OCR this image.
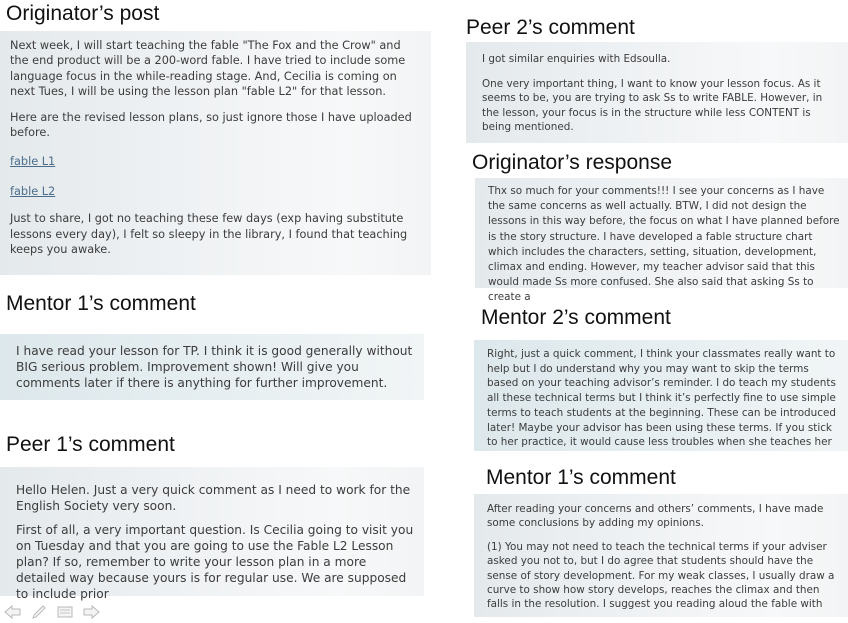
Originator’s post

Next week, I will start teaching the fable "The Fox and the Crow" and the end product will be a 200-word fable. I have tried to include some language focus in the while-reading stage. And, Cecilia is coming on next Tues, I will be using the lesson plan "fable L2" for that lesson.

Here are the revised lesson plans, so just ignore those I have uploaded before.

fable L1

fable L2

Just to share, I got no teaching these few days (exp having substitute lessons every day), I felt so sleepy in the library, I found that teaching keeps you awake.

Mentor 1’s comment

I have read your lesson for TP. I think it is good generally without BIG serious problem. Improvement shown! Will give you comments later if there is anything for further improvement.

Peer 1’s comment

Hello Helen. Just a very quick comment as I need to work for the English Society very soon.

First of all, a very important question. Is Cecilia going to visit you on Tuesday and that you are going to use the Fable L2 Lesson plan? If so, remember to write your lesson plan in a more detailed way because yours is for regular use. We are supposed to include prior

Peer 2’s comment

I got similar enquiries with Edsoulla.

One very important thing, I want to know your lesson focus. As it seems to be, you are trying to ask Ss to write FABLE. However, in the lesson, your focus is in the structure while less CONTENT is being mentioned.

Originator’s response

Thx so much for your comments!!! I see your concerns as I have the same concerns as well actually. BTW, I did not design the lessons in this way before, the focus on what I have planned before is the story structure. I have developed a fable structure chart which includes the characters, setting, situation, development, climax and ending. However, my teacher advisor said that this would made Ss more confused. She also said that asking Ss to create a

Mentor 2’s comment

Right, just a quick comment, I think your classmates really want to help but I do understand why you may want to skip the terms based on your teaching advisor’s reminder. I do teach my students all these technical terms but I think it’s perfectly fine to use simple terms to teach students at the beginning. These can be introduced later! Maybe your advisor has been using these terms. If you stick to her practice, it would cause less troubles when she teaches her

Mentor 1’s comment

After reading your concerns and others’ comments, I have made some conclusions by adding my opinions.

(1) You may not need to teach the technical terms if your adviser asked you not to, but I do agree that students should have the sense of story development. For my weak classes, I usually draw a curve to show how story develops, reaches the climax and then falls in the resolution. I suggest you reading aloud the fable with
